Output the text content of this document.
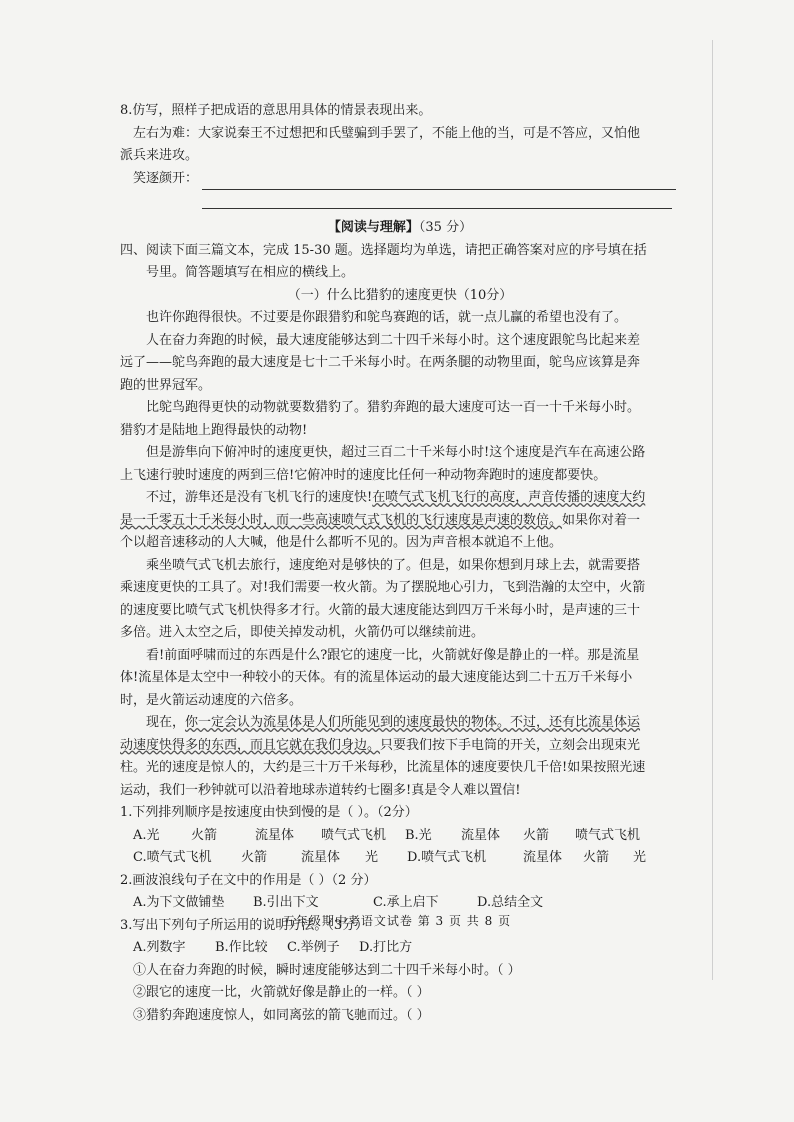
8.仿写，照样子把成语的意思用具体的情景表现出来。
左右为难：大家说秦王不过想把和氏璧骗到手罢了，不能上他的当，可是不答应，又怕他
派兵来进攻。
笑逐颜开：
【阅读与理解】（35 分）
四、阅读下面三篇文本，完成 15-30 题。选择题均为单选，请把正确答案对应的序号填在括
号里。简答题填写在相应的横线上。
（一）什么比猎豹的速度更快（10分）
也许你跑得很快。不过要是你跟猎豹和鸵鸟赛跑的话，就一点儿赢的希望也没有了。
人在奋力奔跑的时候，最大速度能够达到二十四千米每小时。这个速度跟鸵鸟比起来差
远了——鸵鸟奔跑的最大速度是七十二千米每小时。在两条腿的动物里面，鸵鸟应该算是奔
跑的世界冠军。
比鸵鸟跑得更快的动物就要数猎豹了。猎豹奔跑的最大速度可达一百一十千米每小时。
猎豹才是陆地上跑得最快的动物!
但是游隼向下俯冲时的速度更快，超过三百二十千米每小时!这个速度是汽车在高速公路
上飞速行驶时速度的两到三倍!它俯冲时的速度比任何一种动物奔跑时的速度都要快。
不过，游隼还是没有飞机飞行的速度快!在喷气式飞机飞行的高度，声音传播的速度大约
是一千零五十千米每小时，而一些高速喷气式飞机的飞行速度是声速的数倍。如果你对着一
个以超音速移动的人大喊，他是什么都听不见的。因为声音根本就追不上他。
乘坐喷气式飞机去旅行，速度绝对是够快的了。但是，如果你想到月球上去，就需要搭
乘速度更快的工具了。对!我们需要一枚火箭。为了摆脱地心引力，飞到浩瀚的太空中，火箭
的速度要比喷气式飞机快得多才行。火箭的最大速度能达到四万千米每小时，是声速的三十
多倍。进入太空之后，即使关掉发动机，火箭仍可以继续前进。
看!前面呼啸而过的东西是什么?跟它的速度一比，火箭就好像是静止的一样。那是流星
体!流星体是太空中一种较小的天体。有的流星体运动的最大速度能达到二十五万千米每小
时，是火箭运动速度的六倍多。
现在，你一定会认为流星体是人们所能见到的速度最快的物体。不过，还有比流星体运
动速度快得多的东西，而且它就在我们身边。只要我们按下手电筒的开关，立刻会出现束光
柱。光的速度是惊人的，大约是三十万千米每秒，比流星体的速度要快几千倍!如果按照光速
运动，我们一秒钟就可以沿着地球赤道转约七圈多!真是令人难以置信!
1.下列排列顺序是按速度由快到慢的是（ ）。（2分）
A.光	火箭	流星体	喷气式飞机	B.光	流星体	火箭	喷气式飞机
C.喷气式飞机	火箭	流星体	光	D.喷气式飞机	流星体	火箭	光
2.画波浪线句子在文中的作用是（ ）（2 分）
A.为下文做铺垫	B.引出下文	C.承上启下	D.总结全文
3.写出下列句子所运用的说明方法。（3分）
A.列数字	B.作比较	C.举例子	D.打比方
①人在奋力奔跑的时候，瞬时速度能够达到二十四千米每小时。（ ）
②跟它的速度一比，火箭就好像是静止的一样。（ ）
③猎豹奔跑速度惊人，如同离弦的箭飞驰而过。（ ）
五年级期中考语文试卷 第 3 页 共 8 页
